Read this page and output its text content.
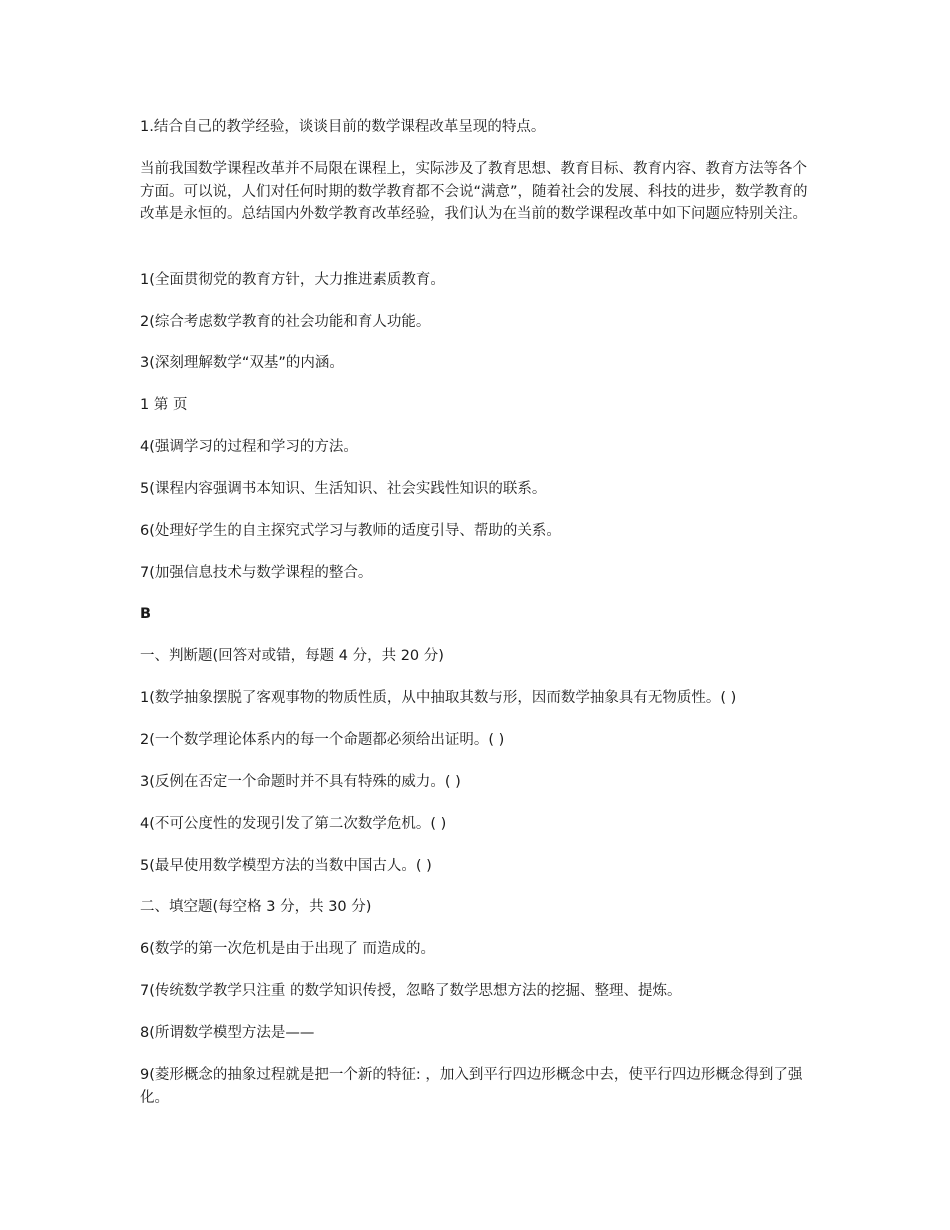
1.结合自己的教学经验，谈谈目前的数学课程改革呈现的特点。

当前我国数学课程改革并不局限在课程上，实际涉及了教育思想、教育目标、教育内容、教育方法等各个方面。可以说，人们对任何时期的数学教育都不会说“满意”，随着社会的发展、科技的进步，数学教育的改革是永恒的。总结国内外数学教育改革经验，我们认为在当前的数学课程改革中如下问题应特别关注。

1(全面贯彻党的教育方针，大力推进素质教育。

2(综合考虑数学教育的社会功能和育人功能。

3(深刻理解数学“双基”的内涵。

1 第 页

4(强调学习的过程和学习的方法。

5(课程内容强调书本知识、生活知识、社会实践性知识的联系。

6(处理好学生的自主探究式学习与教师的适度引导、帮助的关系。

7(加强信息技术与数学课程的整合。

B

一、判断题(回答对或错，每题 4 分，共 20 分)

1(数学抽象摆脱了客观事物的物质性质，从中抽取其数与形，因而数学抽象具有无物质性。( )

2(一个数学理论体系内的每一个命题都必须给出证明。( )

3(反例在否定一个命题时并不具有特殊的威力。( )

4(不可公度性的发现引发了第二次数学危机。( )

5(最早使用数学模型方法的当数中国古人。( )

二、填空题(每空格 3 分，共 30 分)

6(数学的第一次危机是由于出现了 而造成的。

7(传统数学教学只注重 的数学知识传授，忽略了数学思想方法的挖掘、整理、提炼。

8(所谓数学模型方法是——

9(菱形概念的抽象过程就是把一个新的特征: ，加入到平行四边形概念中去，使平行四边形概念得到了强化。
